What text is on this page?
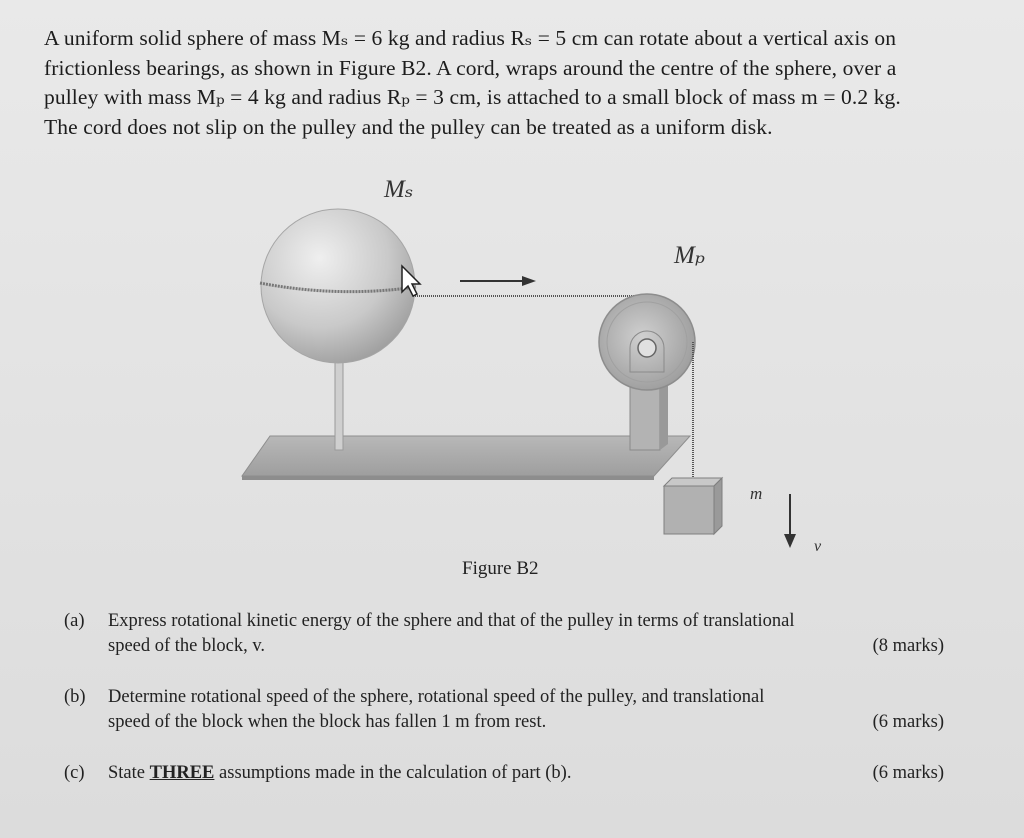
A uniform solid sphere of mass Mₛ = 6 kg and radius Rₛ = 5 cm can rotate about a vertical axis on

frictionless bearings, as shown in Figure B2. A cord, wraps around the centre of the sphere, over a

pulley with mass Mₚ = 4 kg and radius Rₚ = 3 cm, is attached to a small block of mass m = 0.2 kg.

The cord does not slip on the pulley and the pulley can be treated as a uniform disk.

Mₛ
Mₚ
m
v
Figure B2
(a) Express rotational kinetic energy of the sphere and that of the pulley in terms of translational
speed of the block, v.	(8 marks)
(b) Determine rotational speed of the sphere, rotational speed of the pulley, and translational
speed of the block when the block has fallen 1 m from rest.	(6 marks)
(c) State THREE assumptions made in the calculation of part (b).	(6 marks)
